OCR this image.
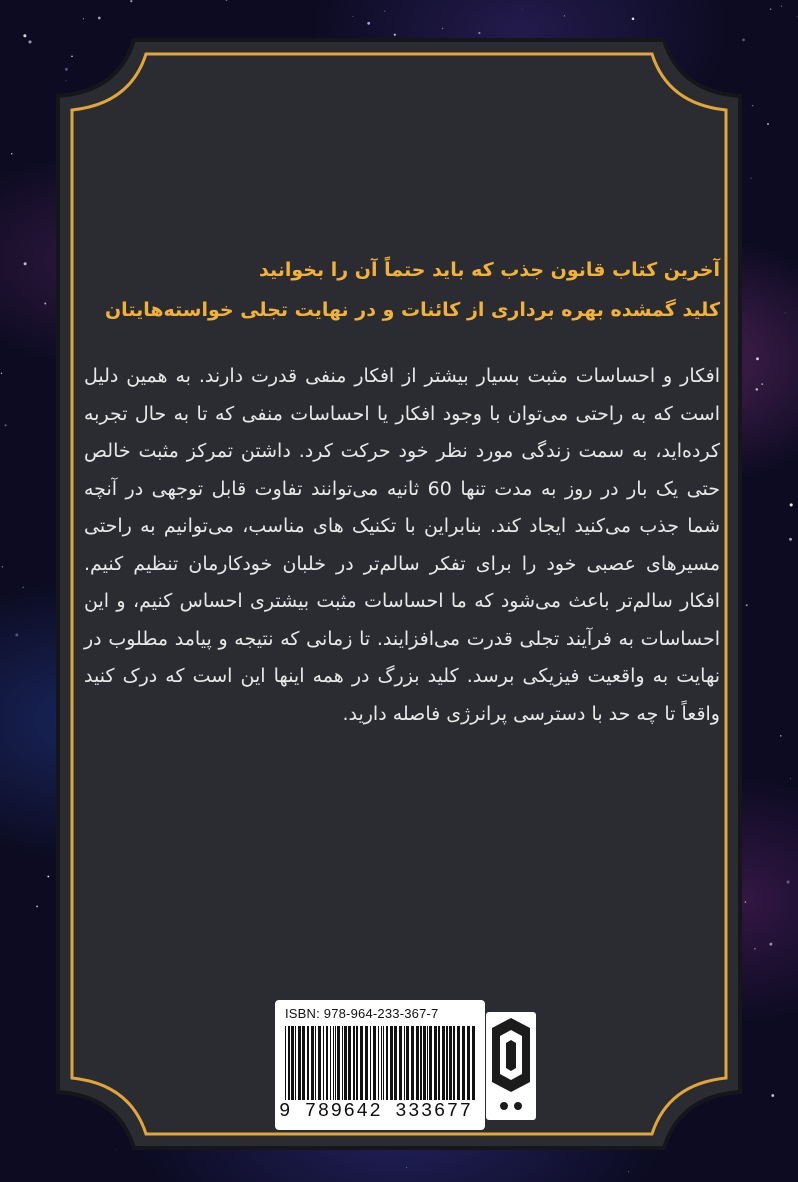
آخرین کتاب قانون جذب که باید حتماً آن را بخوانید

کلید گمشده بهره برداری از کائنات و در نهایت تجلی خواسته‌هایتان

افکار و احساسات مثبت بسیار بیشتر از افکار منفی قدرت دارند. به همین دلیل است که به راحتی می‌توان با وجود افکار یا احساسات منفی که تا به حال تجربه کرده‌اید، به سمت زندگی مورد نظر خود حرکت کرد. داشتن تمرکز مثبت خالص حتی یک بار در روز به مدت تنها 60 ثانیه می‌توانند تفاوت قابل توجهی در آنچه شما جذب می‌کنید ایجاد کند. بنابراین با تکنیک های مناسب، می‌توانیم به راحتی مسیرهای عصبی خود را برای تفکر سالم‌تر در خلبان خودکارمان تنظیم کنیم. افکار سالم‌تر باعث می‌شود که ما احساسات مثبت بیشتری احساس کنیم، و این احساسات به فرآیند تجلی قدرت می‌افزایند. تا زمانی که نتیجه و پیامد مطلوب در نهایت به واقعیت فیزیکی برسد. کلید بزرگ در همه اینها این است که درک کنید واقعاً تا چه حد با دسترسی پرانرژی فاصله دارید.

ISBN: 978-964-233-367-7
9 789642 333677
